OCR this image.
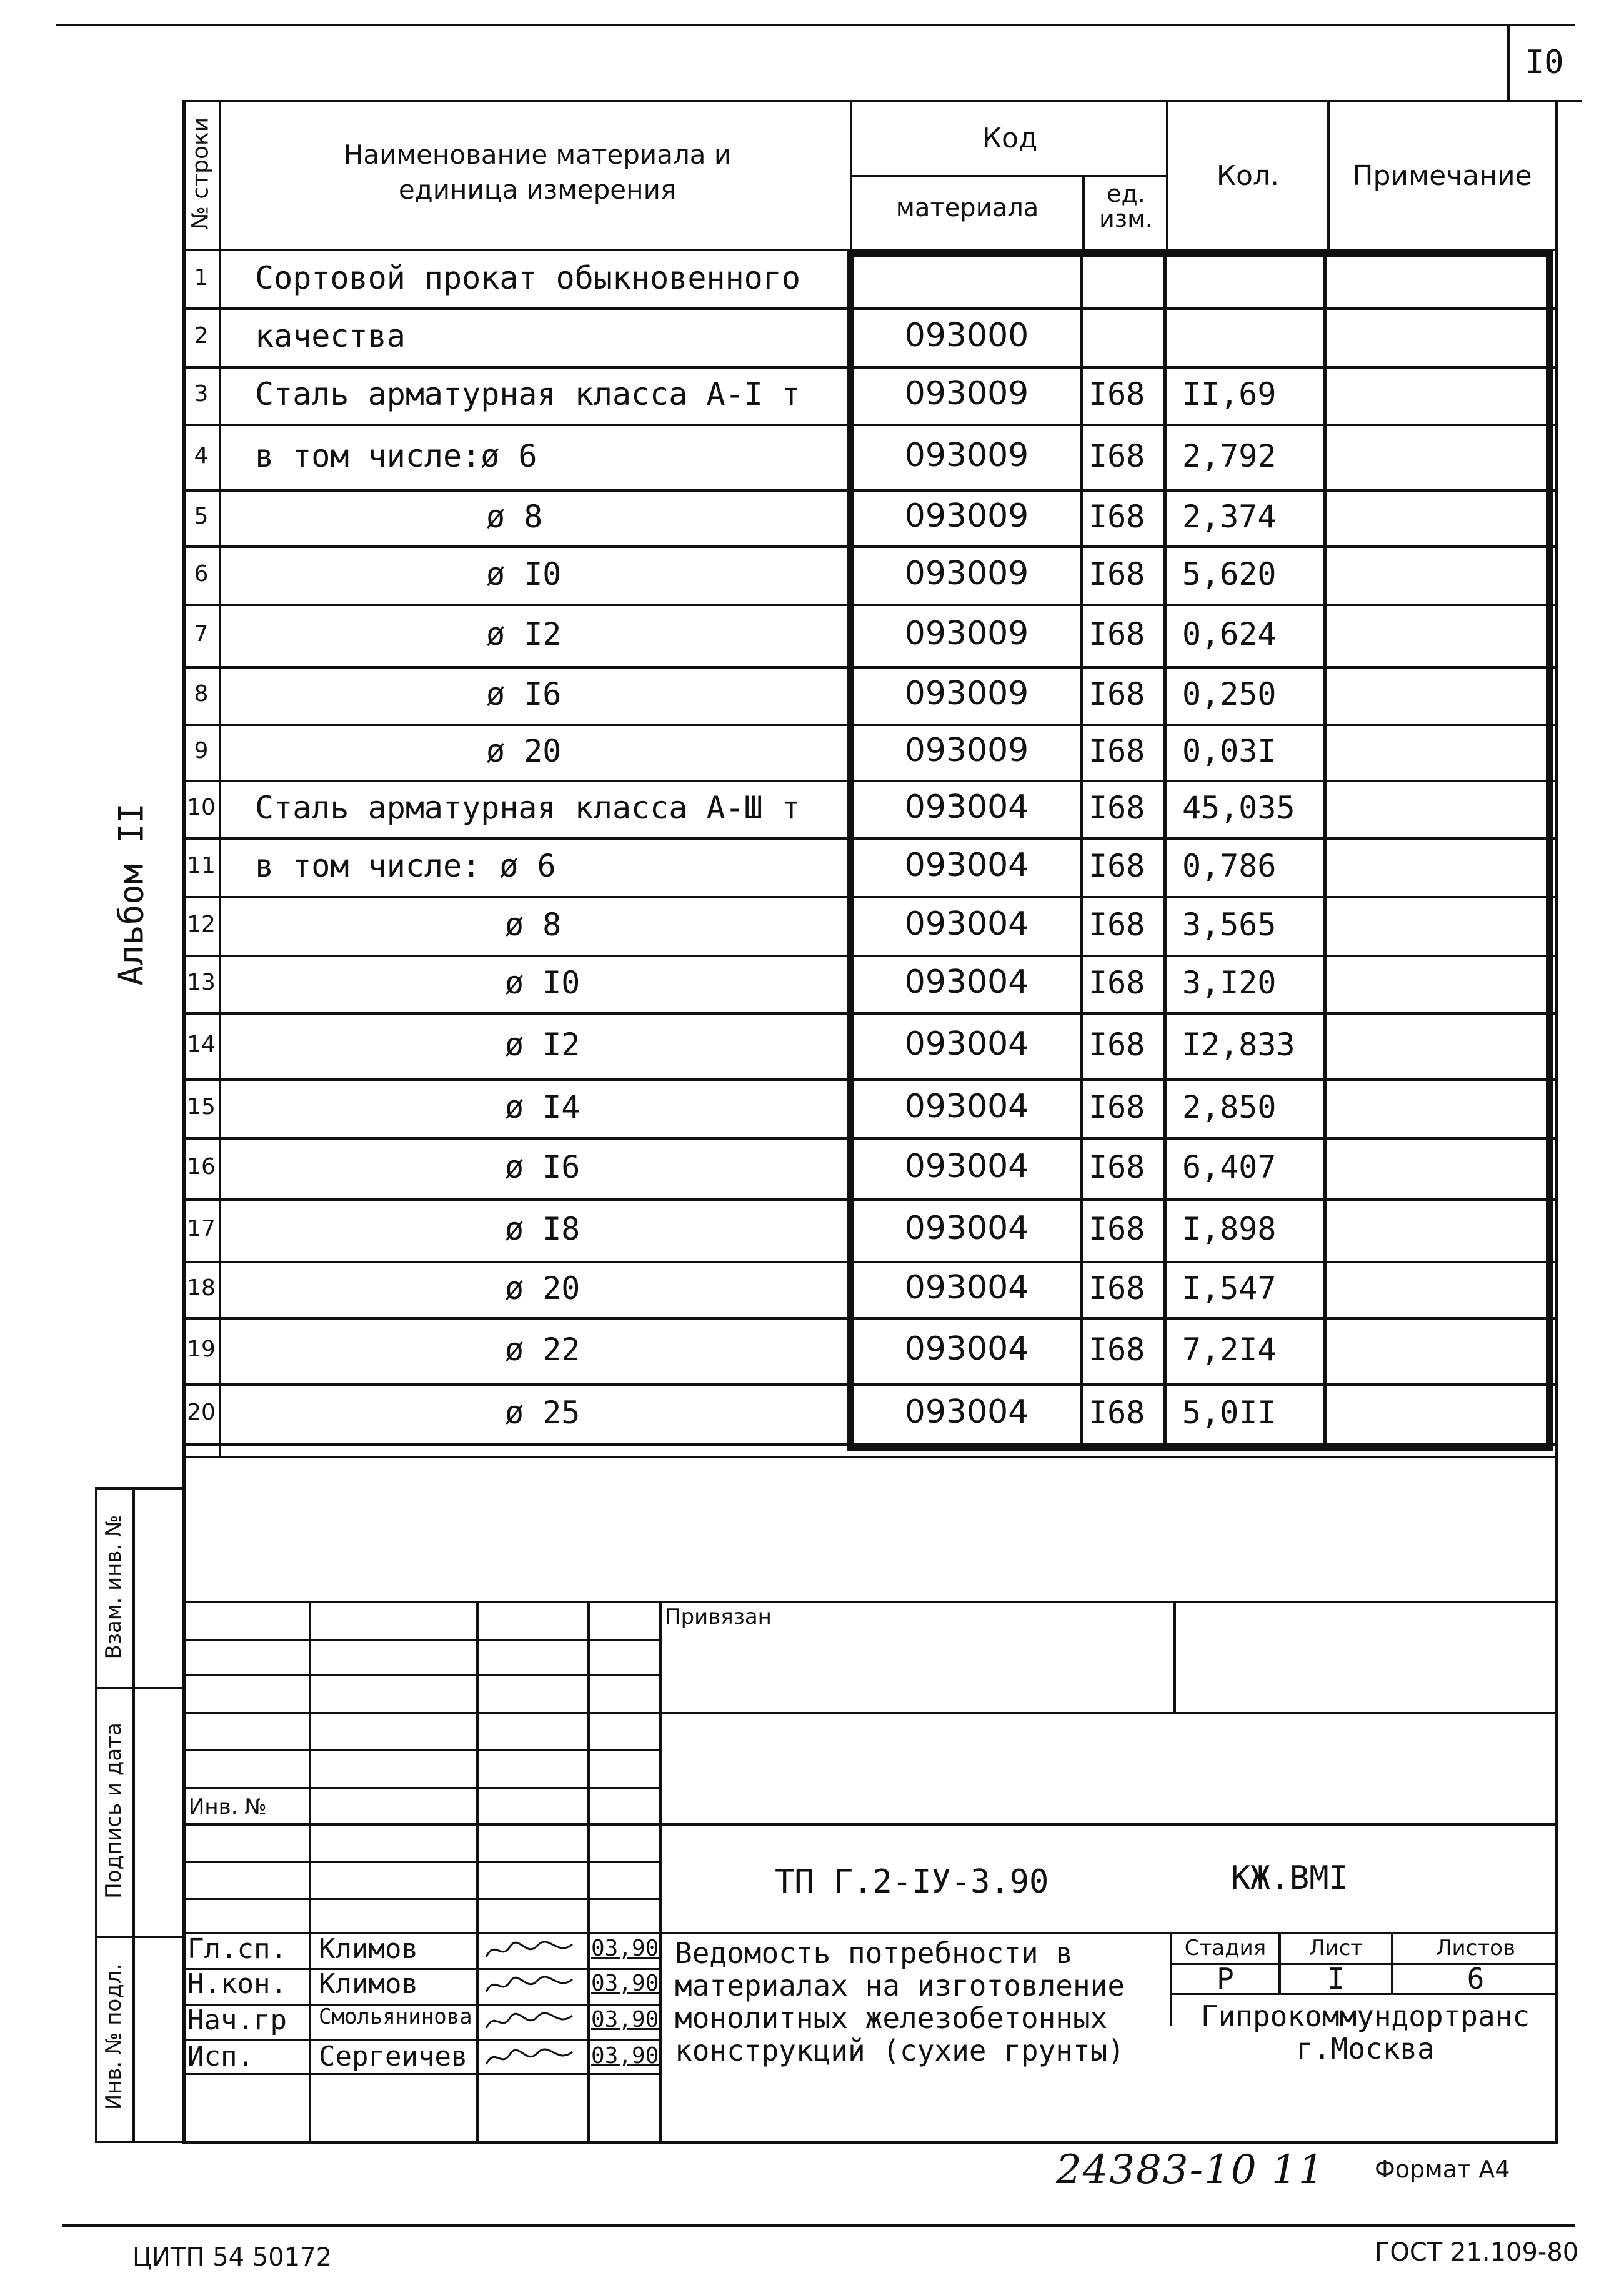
I0
Альбом II
№ строки	Наименование материала и единица измерения
Код
материала	ед. изм.
Кол.	Примечание
1 Сортовой прокат обыкновенного
2 качества	093000
3 Сталь арматурная класса А-I т	093009	I68 II,69
4 в том числе:ø 6	093009	I68 2,792
5	ø 8	093009	I68 2,374
6	ø I0	093009	I68 5,620
7	ø I2	093009	I68 0,624
8	ø I6	093009	I68 0,250
9	ø 20	093009	I68 0,03I
10 Сталь арматурная класса А-Ш т	093004	I68 45,035
11 в том числе: ø 6	093004	I68 0,786
12	ø 8	093004	I68 3,565
13	ø I0	093004	I68 3,I20
14	ø I2	093004	I68 I2,833
15	ø I4	093004	I68 2,850
16	ø I6	093004	I68 6,407
17	ø I8	093004	I68 I,898
18	ø 20	093004	I68 I,547
19	ø 22	093004	I68 7,2I4
20	ø 25	093004	I68 5,0II
Привязан
Инв. №
ТП Г.2-IУ-3.90	КЖ.ВМI
Ведомость потребности в
материалах на изготовление
монолитных железобетонных
конструкций (сухие грунты)
Стадия	Лист	Листов
Р	I	6
Гипрокоммундортранс
г.Москва
Гл.сп. Климов	03,90
Н.кон. Климов	03,90
Нач.гр Смольянинова	03,90
Исп. Сергеичев	03,90
Взам. инв. №
Подпись и дата
Инв. № подл.
24383-10 11 Формат А4
ЦИТП 54 50172	ГОСТ 21.109-80
